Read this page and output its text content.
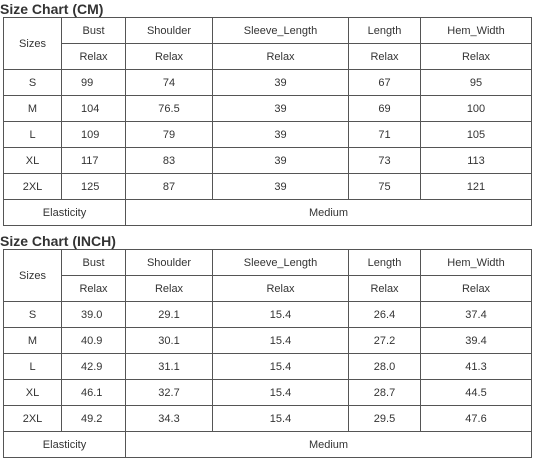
Size Chart (CM)
Sizes	Bust	Shoulder	Sleeve_Length	Length	Hem_Width
	Relax	Relax	Relax	Relax	Relax
S	99	74	39	67	95
M	104	76.5	39	69	100
L	109	79	39	71	105
XL	117	83	39	73	113
2XL	125	87	39	75	121
Elasticity		Medium			
Size Chart (INCH)
Sizes	Bust	Shoulder	Sleeve_Length	Length	Hem_Width
	Relax	Relax	Relax	Relax	Relax
S	39.0	29.1	15.4	26.4	37.4
M	40.9	30.1	15.4	27.2	39.4
L	42.9	31.1	15.4	28.0	41.3
XL	46.1	32.7	15.4	28.7	44.5
2XL	49.2	34.3	15.4	29.5	47.6
Elasticity		Medium			
